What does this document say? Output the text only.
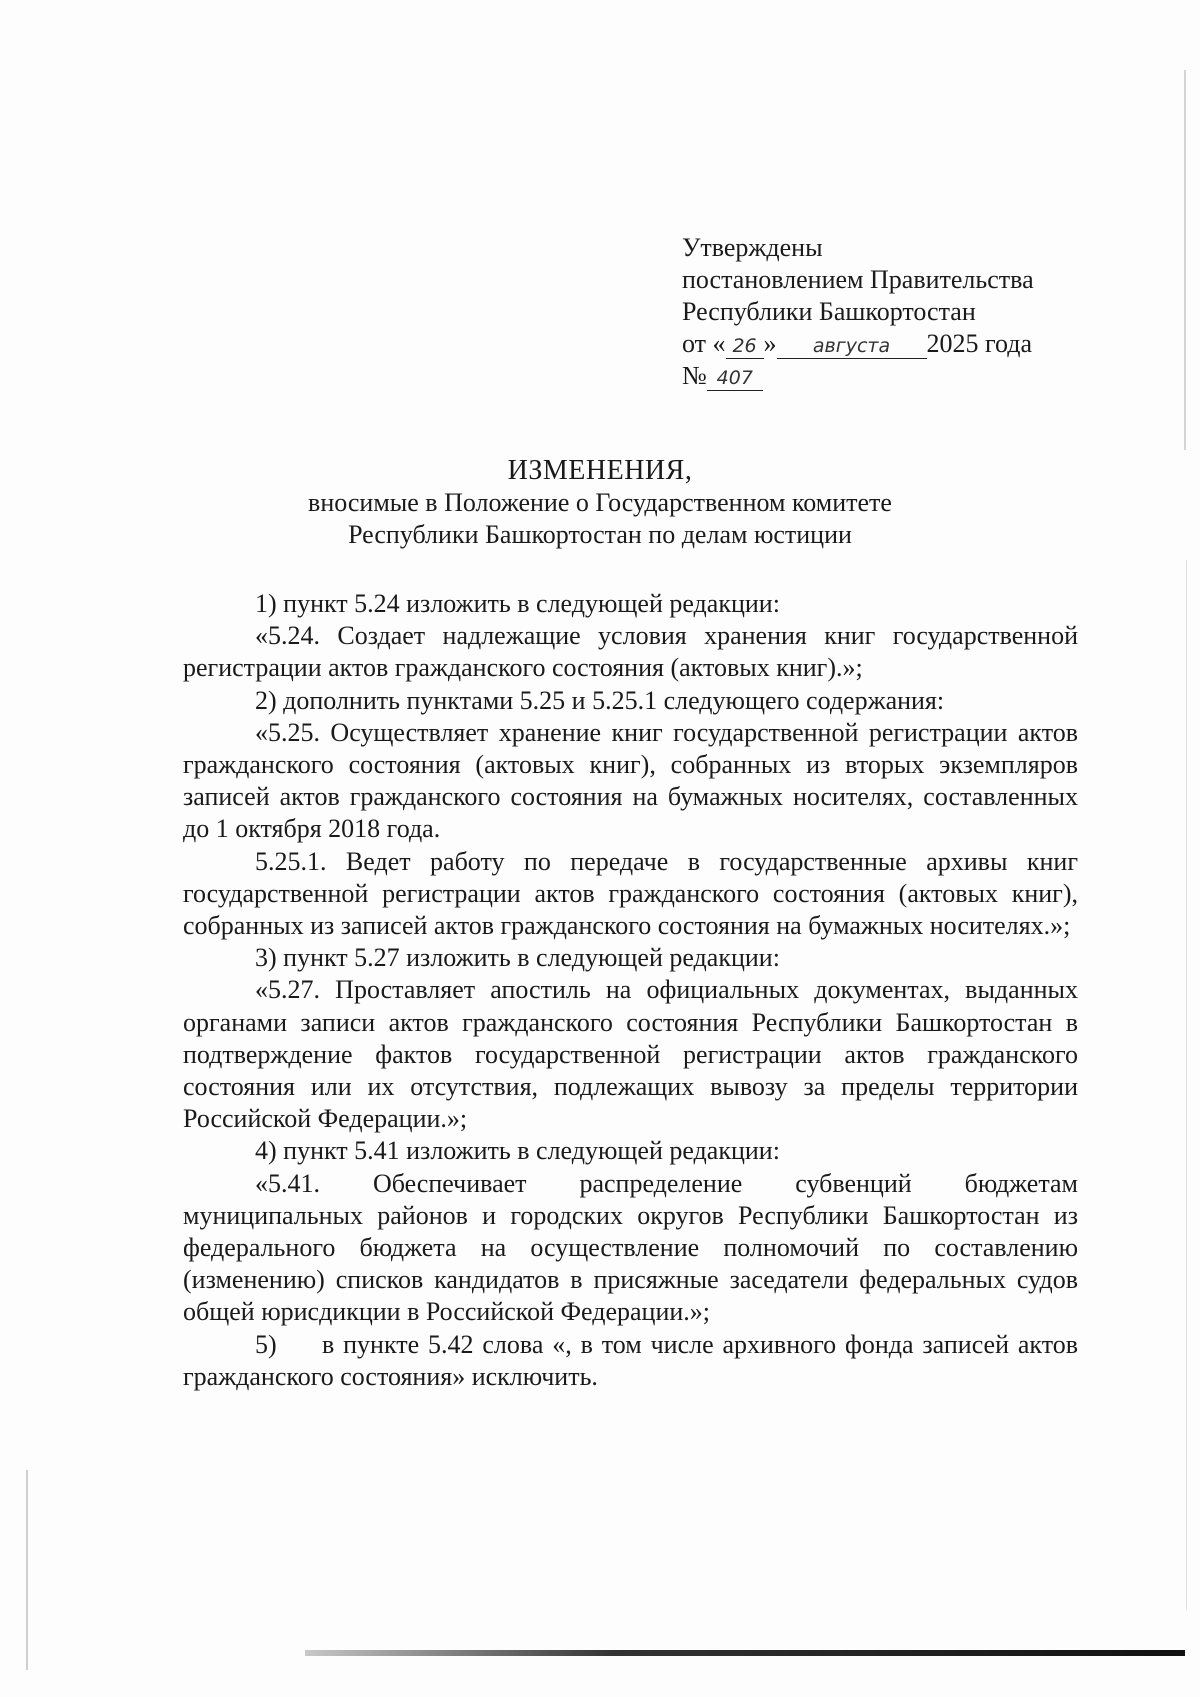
Утверждены
постановлением Правительства
Республики Башкортостан
от « 26 » августа 2025 года
№ 407
ИЗМЕНЕНИЯ,
вносимые в Положение о Государственном комитете
Республики Башкортостан по делам юстиции

1) пункт 5.24 изложить в следующей редакции:

«5.24. Создает надлежащие условия хранения книг государственной регистрации актов гражданского состояния (актовых книг).»;

2) дополнить пунктами 5.25 и 5.25.1 следующего содержания:

«5.25. Осуществляет хранение книг государственной регистрации актов гражданского состояния (актовых книг), собранных из вторых экземпляров записей актов гражданского состояния на бумажных носителях, составленных до 1 октября 2018 года.

5.25.1. Ведет работу по передаче в государственные архивы книг государственной регистрации актов гражданского состояния (актовых книг), собранных из записей актов гражданского состояния на бумажных носителях.»;

3) пункт 5.27 изложить в следующей редакции:

«5.27. Проставляет апостиль на официальных документах, выданных органами записи актов гражданского состояния Республики Башкортостан в подтверждение фактов государственной регистрации актов гражданского состояния или их отсутствия, подлежащих вывозу за пределы территории Российской Федерации.»;

4) пункт 5.41 изложить в следующей редакции:

«5.41. Обеспечивает распределение субвенций бюджетам муниципальных районов и городских округов Республики Башкортостан из федерального бюджета на осуществление полномочий по составлению (изменению) списков кандидатов в присяжные заседатели федеральных судов общей юрисдикции в Российской Федерации.»;

5) в пункте 5.42 слова «, в том числе архивного фонда записей актов гражданского состояния» исключить.
